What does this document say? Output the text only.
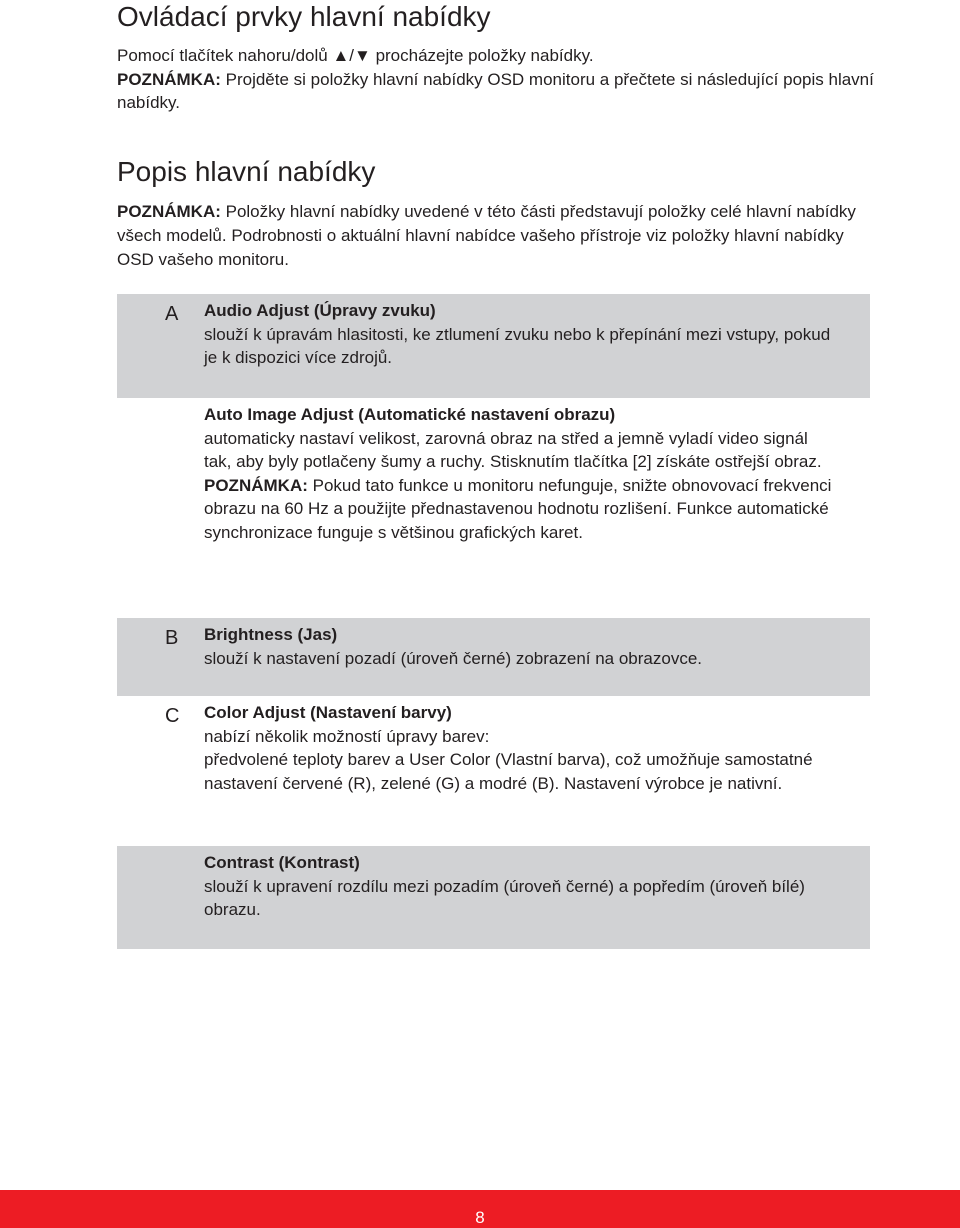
Ovládací prvky hlavní nabídky

Pomocí tlačítek nahoru/dolů ▲/▼ procházejte položky nabídky.

POZNÁMKA: Projděte si položky hlavní nabídky OSD monitoru a přečtete si následující popis hlavní nabídky.

Popis hlavní nabídky
POZNÁMKA: Položky hlavní nabídky uvedené v této části představují položky celé hlavní nabídky všech modelů. Podrobnosti o aktuální hlavní nabídce vašeho přístroje viz položky hlavní nabídky OSD vašeho monitoru.
A Audio Adjust (Úpravy zvuku)
slouží k úpravám hlasitosti, ke ztlumení zvuku nebo k přepínání mezi vstupy, pokud je k dispozici více zdrojů.
Auto Image Adjust (Automatické nastavení obrazu)
automaticky nastaví velikost, zarovná obraz na střed a jemně vyladí video signál tak, aby byly potlačeny šumy a ruchy. Stisknutím tlačítka [2] získáte ostřejší obraz.
POZNÁMKA: Pokud tato funkce u monitoru nefunguje, snižte obnovovací frekvenci obrazu na 60 Hz a použijte přednastavenou hodnotu rozlišení. Funkce automatické synchronizace funguje s většinou grafických karet.
B Brightness (Jas)
slouží k nastavení pozadí (úroveň černé) zobrazení na obrazovce.
C Color Adjust (Nastavení barvy)
nabízí několik možností úpravy barev:
předvolené teploty barev a User Color (Vlastní barva), což umožňuje samostatné nastavení červené (R), zelené (G) a modré (B). Nastavení výrobce je nativní.
Contrast (Kontrast)
slouží k upravení rozdílu mezi pozadím (úroveň černé) a popředím (úroveň bílé) obrazu.
8
